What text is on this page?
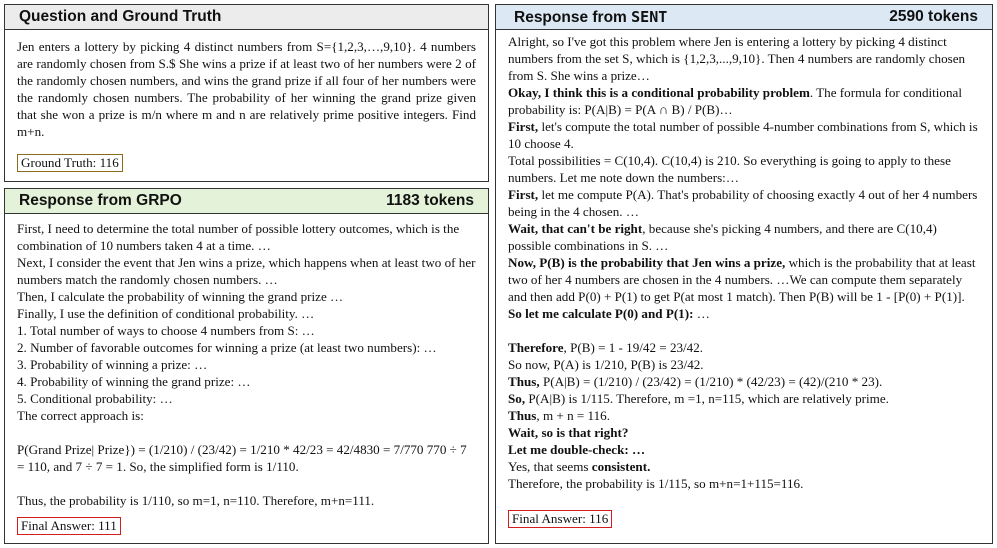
Question and Ground Truth

Jen enters a lottery by picking 4 distinct numbers from S={1,2,3,…,9,10}. 4 numbers are randomly chosen from S.$ She wins a prize if at least two of her numbers were 2 of the randomly chosen numbers, and wins the grand prize if all four of her numbers were the randomly chosen numbers. The probability of her winning the grand prize given that she won a prize is m/n where m and n are relatively prime positive integers. Find m+n.

Ground Truth: 116
Response from GRPO	1183 tokens

First, I need to determine the total number of possible lottery outcomes, which is the combination of 10 numbers taken 4 at a time. …

Next, I consider the event that Jen wins a prize, which happens when at least two of her numbers match the randomly chosen numbers. …

Then, I calculate the probability of winning the grand prize …

Finally, I use the definition of conditional probability. …

1. Total number of ways to choose 4 numbers from S: …

2. Number of favorable outcomes for winning a prize (at least two numbers): …

3. Probability of winning a prize: …

4. Probability of winning the grand prize: …

5. Conditional probability: …

The correct approach is:

P(Grand Prize| Prize}) = (1/210) / (23/42) = 1/210 * 42/23 = 42/4830 = 7/770 770 ÷ 7 = 110, and 7 ÷ 7 = 1. So, the simplified form is 1/110.

Thus, the probability is 1/110, so m=1, n=110. Therefore, m+n=111.

Final Answer: 111
Response from SENT	2590 tokens

Alright, so I've got this problem where Jen is entering a lottery by picking 4 distinct numbers from the set S, which is {1,2,3,...,9,10}. Then 4 numbers are randomly chosen from S. She wins a prize…

Okay, I think this is a conditional probability problem. The formula for conditional probability is: P(A|B) = P(A ∩ B) / P(B)…

First, let's compute the total number of possible 4-number combinations from S, which is 10 choose 4.

Total possibilities = C(10,4). C(10,4) is 210. So everything is going to apply to these numbers. Let me note down the numbers:…

First, let me compute P(A). That's probability of choosing exactly 4 out of her 4 numbers being in the 4 chosen. …

Wait, that can't be right, because she's picking 4 numbers, and there are C(10,4) possible combinations in S. …

Now, P(B) is the probability that Jen wins a prize, which is the probability that at least two of her 4 numbers are chosen in the 4 numbers. …We can compute them separately and then add P(0) + P(1) to get P(at most 1 match). Then P(B) will be 1 - [P(0) + P(1)].

So let me calculate P(0) and P(1): …

Therefore, P(B) = 1 - 19/42 = 23/42.

So now, P(A) is 1/210, P(B) is 23/42.

Thus, P(A|B) = (1/210) / (23/42) = (1/210) * (42/23) = (42)/(210 * 23).

So, P(A|B) is 1/115. Therefore, m =1, n=115, which are relatively prime.

Thus, m + n = 116.

Wait, so is that right?

Let me double-check: …

Yes, that seems consistent.

Therefore, the probability is 1/115, so m+n=1+115=116.

Final Answer: 116
